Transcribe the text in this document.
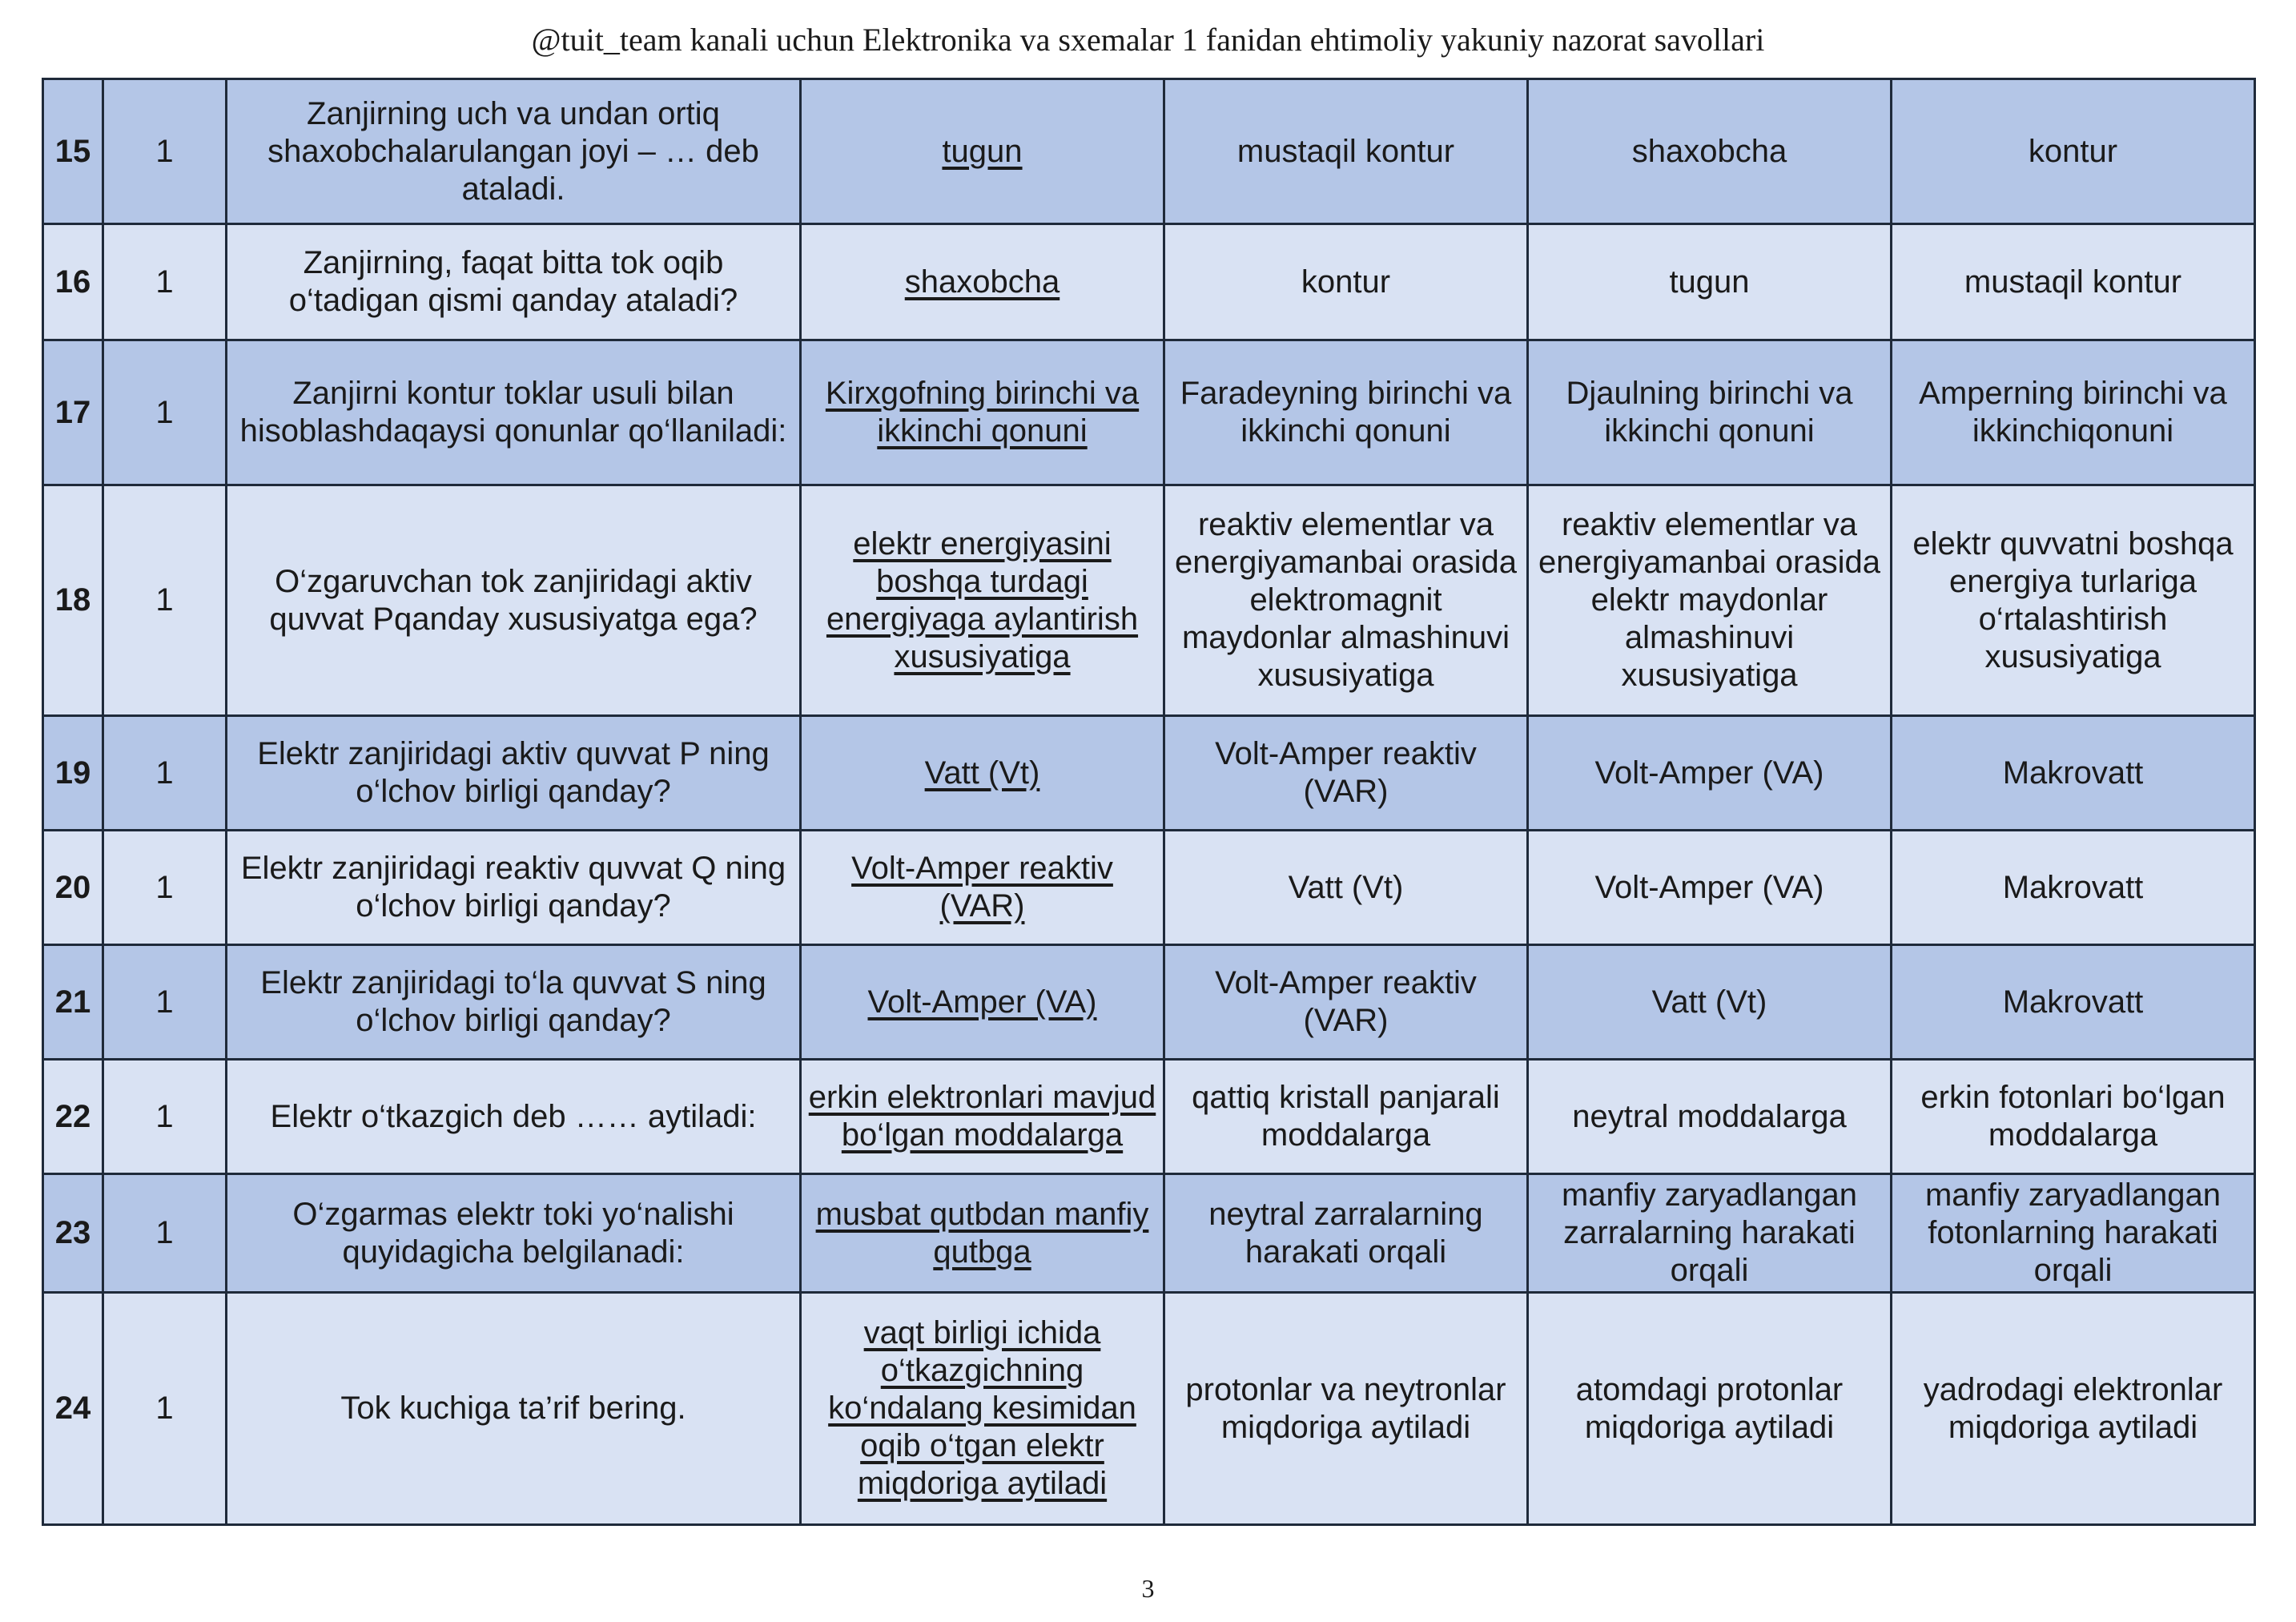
@tuit_team kanali uchun Elektronika va sxemalar 1 fanidan ehtimoliy yakuniy nazorat savollari
15	1	Zanjirning uch va undan ortiq shaxobchalarulangan joyi – … deb ataladi.	tugun	mustaqil kontur	shaxobcha	kontur
16	1	Zanjirning, faqat bitta tok oqib o‘tadigan qismi qanday ataladi?	shaxobcha	kontur	tugun	mustaqil kontur
17	1	Zanjirni kontur toklar usuli bilan hisoblashdaqaysi qonunlar qo‘llaniladi:	Kirxgofning birinchi va ikkinchi qonuni	Faradeyning birinchi va ikkinchi qonuni	Djaulning birinchi va ikkinchi qonuni	Amperning birinchi va ikkinchiqonuni
18	1	O‘zgaruvchan tok zanjiridagi aktiv quvvat Pqanday xususiyatga ega?	elektr energiyasini boshqa turdagi energiyaga aylantirish xususiyatiga	reaktiv elementlar va energiyamanbai orasida elektromagnit maydonlar almashinuvi xususiyatiga	reaktiv elementlar va energiyamanbai orasida elektr maydonlar almashinuvi xususiyatiga	elektr quvvatni boshqa energiya turlariga o‘rtalashtirish xususiyatiga
19	1	Elektr zanjiridagi aktiv quvvat P ning o‘lchov birligi qanday?	Vatt (Vt)	Volt-Amper reaktiv (VAR)	Volt-Amper (VA)	Makrovatt
20	1	Elektr zanjiridagi reaktiv quvvat Q ning o‘lchov birligi qanday?	Volt-Amper reaktiv (VAR)	Vatt (Vt)	Volt-Amper (VA)	Makrovatt
21	1	Elektr zanjiridagi to‘la quvvat S ning o‘lchov birligi qanday?	Volt-Amper (VA)	Volt-Amper reaktiv (VAR)	Vatt (Vt)	Makrovatt
22	1	Elektr o‘tkazgich deb …… aytiladi:	erkin elektronlari mavjud bo‘lgan moddalarga	qattiq kristall panjarali moddalarga	neytral moddalarga	erkin fotonlari bo‘lgan moddalarga
23	1	O‘zgarmas elektr toki yo‘nalishi quyidagicha belgilanadi:	musbat qutbdan manfiy qutbga	neytral zarralarning harakati orqali	manfiy zaryadlangan zarralarning harakati orqali	manfiy zaryadlangan fotonlarning harakati orqali
24	1	Tok kuchiga ta’rif bering.	vaqt birligi ichida o‘tkazgichning ko‘ndalang kesimidan oqib o‘tgan elektr miqdoriga aytiladi	protonlar va neytronlar miqdoriga aytiladi	atomdagi protonlar miqdoriga aytiladi	yadrodagi elektronlar miqdoriga aytiladi
3
